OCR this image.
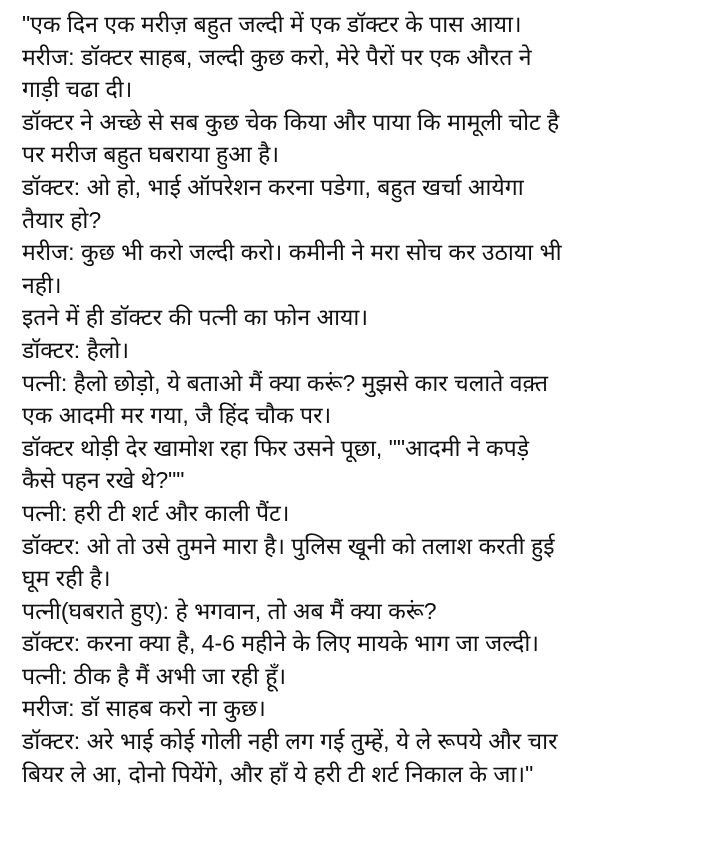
"एक दिन एक मरीज़ बहुत जल्दी में एक डॉक्टर के पास आया।
मरीज: डॉक्टर साहब, जल्दी कुछ करो, मेरे पैरों पर एक औरत ने
गाड़ी चढा दी।
डॉक्टर ने अच्छे से सब कुछ चेक किया और पाया कि मामूली चोट है
पर मरीज बहुत घबराया हुआ है।
डॉक्टर: ओ हो, भाई ऑपरेशन करना पडेगा, बहुत खर्चा आयेगा
तैयार हो?
मरीज: कुछ भी करो जल्दी करो। कमीनी ने मरा सोच कर उठाया भी
नही।
इतने में ही डॉक्टर की पत्नी का फोन आया।
डॉक्टर: हैलो।
पत्नी: हैलो छोड़ो, ये बताओ मैं क्या करूं? मुझसे कार चलाते वक़्त
एक आदमी मर गया, जै हिंद चौक पर।
डॉक्टर थोड़ी देर खामोश रहा फिर उसने पूछा, ""आदमी ने कपड़े
कैसे पहन रखे थे?""
पत्नी: हरी टी शर्ट और काली पैंट।
डॉक्टर: ओ तो उसे तुमने मारा है। पुलिस खूनी को तलाश करती हुई
घूम रही है।
पत्नी(घबराते हुए): हे भगवान, तो अब मैं क्या करूं?
डॉक्टर: करना क्या है, 4-6 महीने के लिए मायके भाग जा जल्दी।
पत्नी: ठीक है मैं अभी जा रही हूँ।
मरीज: डॉ साहब करो ना कुछ।
डॉक्टर: अरे भाई कोई गोली नही लग गई तुम्हें, ये ले रूपये और चार
बियर ले आ, दोनो पियेंगे, और हाँ ये हरी टी शर्ट निकाल के जा।"
